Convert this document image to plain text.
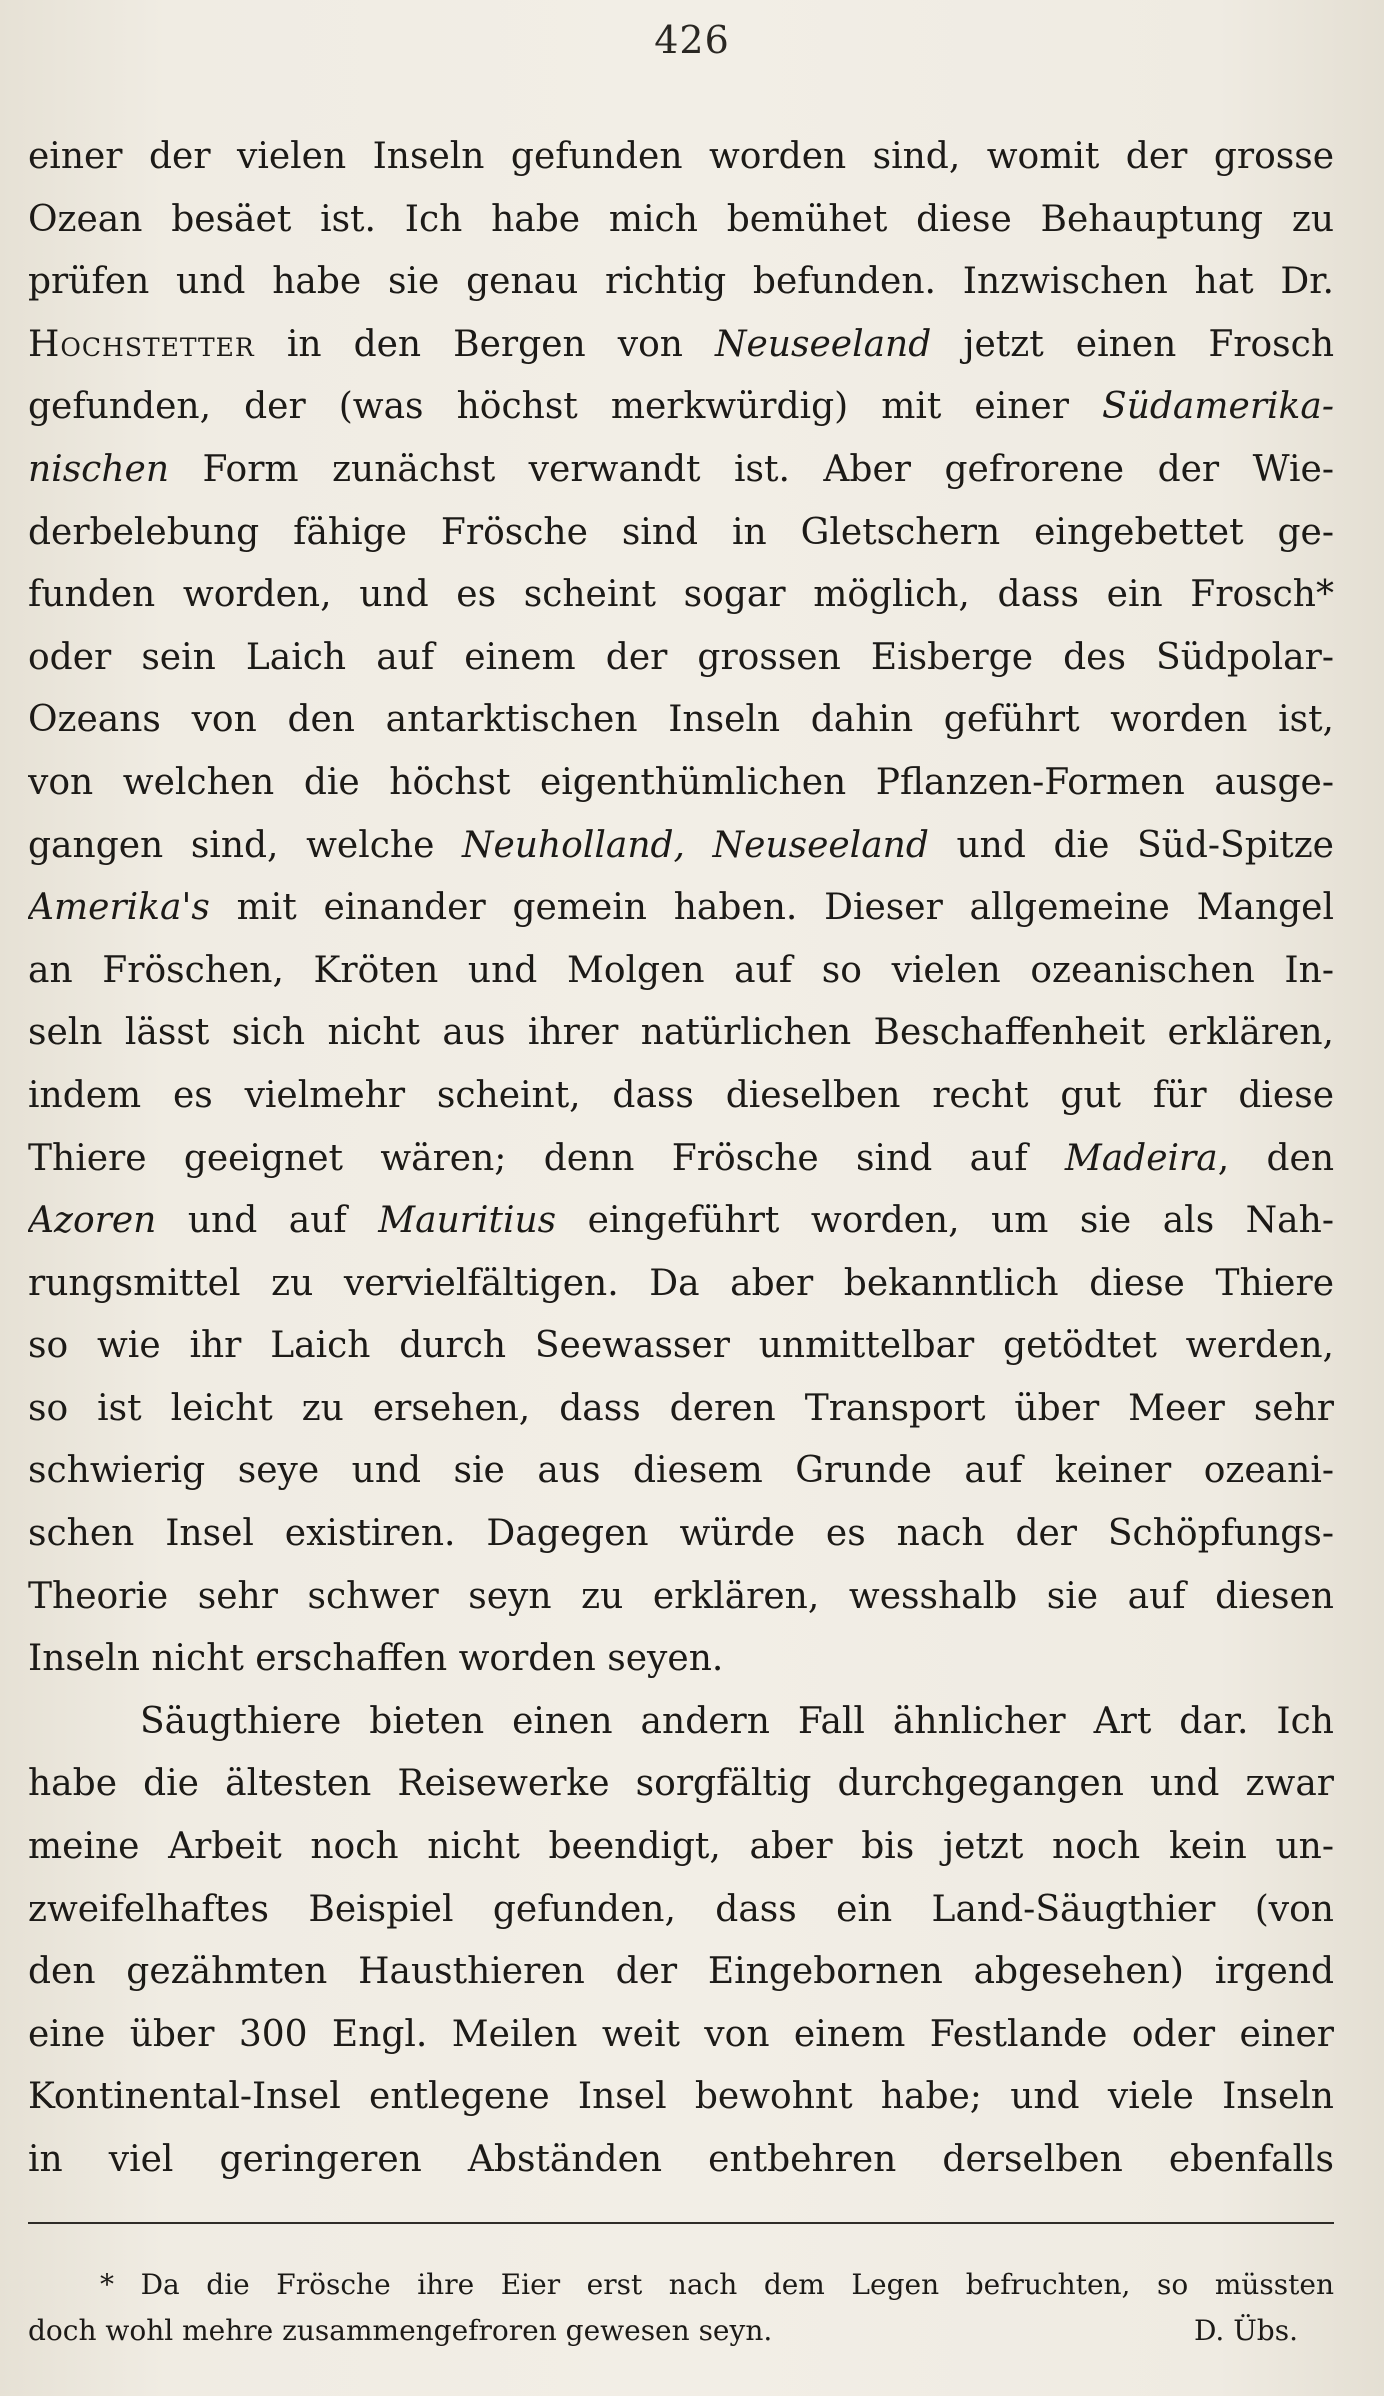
426
einer der vielen Inseln gefunden worden sind, womit der grosse
Ozean besäet ist. Ich habe mich bemühet diese Behauptung zu
prüfen und habe sie genau richtig befunden. Inzwischen hat Dr.
Hochstetter in den Bergen von Neuseeland jetzt einen Frosch
gefunden, der (was höchst merkwürdig) mit einer Südamerika-
nischen Form zunächst verwandt ist. Aber gefrorene der Wie-
derbelebung fähige Frösche sind in Gletschern eingebettet ge-
funden worden, und es scheint sogar möglich, dass ein Frosch*
oder sein Laich auf einem der grossen Eisberge des Südpolar-
Ozeans von den antarktischen Inseln dahin geführt worden ist,
von welchen die höchst eigenthümlichen Pflanzen-Formen ausge-
gangen sind, welche Neuholland, Neuseeland und die Süd-Spitze
Amerika's mit einander gemein haben. Dieser allgemeine Mangel
an Fröschen, Kröten und Molgen auf so vielen ozeanischen In-
seln lässt sich nicht aus ihrer natürlichen Beschaffenheit erklären,
indem es vielmehr scheint, dass dieselben recht gut für diese
Thiere geeignet wären; denn Frösche sind auf Madeira, den
Azoren und auf Mauritius eingeführt worden, um sie als Nah-
rungsmittel zu vervielfältigen. Da aber bekanntlich diese Thiere
so wie ihr Laich durch Seewasser unmittelbar getödtet werden,
so ist leicht zu ersehen, dass deren Transport über Meer sehr
schwierig seye und sie aus diesem Grunde auf keiner ozeani-
schen Insel existiren. Dagegen würde es nach der Schöpfungs-
Theorie sehr schwer seyn zu erklären, wesshalb sie auf diesen
Inseln nicht erschaffen worden seyen.
Säugthiere bieten einen andern Fall ähnlicher Art dar. Ich
habe die ältesten Reisewerke sorgfältig durchgegangen und zwar
meine Arbeit noch nicht beendigt, aber bis jetzt noch kein un-
zweifelhaftes Beispiel gefunden, dass ein Land-Säugthier (von
den gezähmten Hausthieren der Eingebornen abgesehen) irgend
eine über 300 Engl. Meilen weit von einem Festlande oder einer
Kontinental-Insel entlegene Insel bewohnt habe; und viele Inseln
in viel geringeren Abständen entbehren derselben ebenfalls
* Da die Frösche ihre Eier erst nach dem Legen befruchten, so müssten
doch wohl mehre zusammengefroren gewesen seyn.	D. Übs.
